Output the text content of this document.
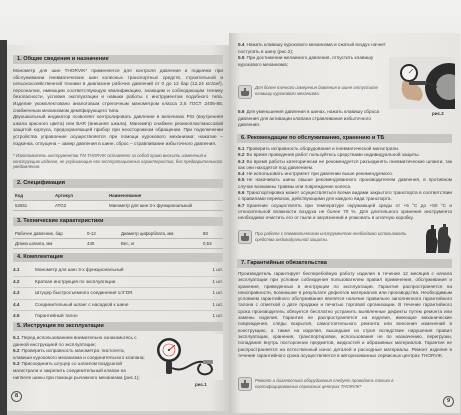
1. Общие сведения и назначение

Манометр для шин THORVIK* применяется для контроля давления и подкачки при обслуживании пневматических шин колесных транспортных средств, строительной и сельскохозяйственной техники в диапазоне рабочих давлений от 0 до 12 бар (12,24 кгс/см²), персоналом, имеющим соответствующую квалификацию, знающим и соблюдающим технику безопасности, условия эксплуатации и навыки работы с инструментом подобного типа. Изделие укомплектовано аналоговым стрелочным манометром класса 2,5 ГОСТ 2405-88, снабженным механизмом демпфирующего типа.

Двухшкальный индикатор позволяет контролировать давление в величинах PSI (внутренняя шкала красного цвета) или BAR (внешняя шкала). Манометр снабжен резинопластмассовой защитой корпуса, предохраняющей прибор при неосторожном обращении. При подключении устройства управление осуществляется при помощи курокового механизма: нажатие – подкачка, отпущена – замер давления в шине, сброс – стравливание избыточного давления.

* Изготовитель инструментов ТМ THORVIK оставляет за собой право вносить изменения в конструкцию изделия, не ухудшающие его эксплуатационных характеристик, без предварительного уведомления.
2. Спецификация
Код	Артикул	Наименование
52651	ATG2	Манометр для шин 3-х функциональный
3. Технические характеристики
Рабочее давление, бар	0-12	Диаметр циферблата, мм	80
Длина шланга, мм	440	Вес, кг	0,53
4. Комплектация
4.1	Манометр для шин 3-х функциональный	1 шт.
4.2	Краткая инструкция по эксплуатации	1 шт.
4.3	Штуцер быстросъемного соединения 1/4"DR	1 шт.
4.4	Соединительный шланг с насадкой к шине	1 шт.
4.5	Гарантийный талон	1 шт.
5. Инструкция по эксплуатации

5.1 Перед использованием внимательно ознакомьтесь с данной инструкцией по эксплуатации;

5.2 Проверить исправность манометра: пистолета, клавиши курокового механизма и соединительного клапана;

5.3 Присоединить штуцер со шлангом воздушной магистрали и закрепить соединительный клапан на ниппеле шины при помощи рычажного механизма (рис.1);

рис.1
8

5.4 Нажать клавишу курокового механизма и сжатый воздух начнет поступать в шину (рис.2);

5.5 При достижении желаемого давления, отпустить клавишу курокового механизма;

Для более точного измерения давления в шине отпустите клавишу курокового механизма.
рис.2
5.6 Для уменьшения давления в шинах, нажать клавишу сброса давления для активации клапана стравливания избыточного давления.
6. Рекомендации по обслуживанию, хранению и ТБ

6.1 Проверить исправность оборудования и пневматической магистрали.

6.2 Во время проведения работ пользуйтесь средствами индивидуальной защиты.

6.3 Во время работы категорически не рекомендуется разъединять пневматические шланги, так как они находятся под давлением.

6.4 Не использовать инструмент при давлении выше рекомендуемого.

6.5 Не накачивать шины свыше рекомендованного производителем давления, в противном случае возможны травмы или повреждение колеса.

6.6 Транспортировка может осуществляться всеми видами закрытого транспорта в соответствии с правилами перевозок, действующими для каждого вида транспорта.

6.7 Хранение осуществлять при температуре окружающей среды от +5 °С до +50 °С и относительной влажности воздуха не более 70 %. Для длительного хранения инструмента необходимо очистить его от пыли и загрязнений и упаковать в штатную коробку.

При работе с пневматическим инструментом необходимо использовать средства индивидуальной защиты.
7. Гарантийные обязательства
Производитель гарантирует бесперебойную работу изделия в течение 12 месяцев с начала эксплуатации при условии соблюдения пользователем правил применения, обслуживания и хранения, приведенных в инструкции по эксплуатации. Гарантия распространяется на неисправности, возникшие в результате дефектов материалов или производства. Необходимым условием гарантийного обслуживания является наличие правильно заполненного гарантийного талона с отметкой о дате продажи и печатью торговой организации. В течение гарантийного срока производитель обязуется бесплатно устранить выявленные дефекты путем ремонта или замены изделия. Гарантия не распространяется на изделия, имеющие механические повреждения, следы вскрытия, самостоятельного ремонта или внесения изменений в конструкцию, а также на изделия, вышедшие из строя вследствие нарушения правил эксплуатации, хранения, транспортировки, использования не по назначению, перегрузки, попадания внутрь посторонних предметов, жидкостей и абразивных материалов. Гарантия не распространяется на естественный износ деталей и расходные материалы. Ремонт изделия в течение гарантийного срока осуществляется в авторизованных сервисных центрах THORVIK.
Ремонт и диагностика оборудования следует проводить только в сертифицированных сервисных центрах THORVIK*
9
